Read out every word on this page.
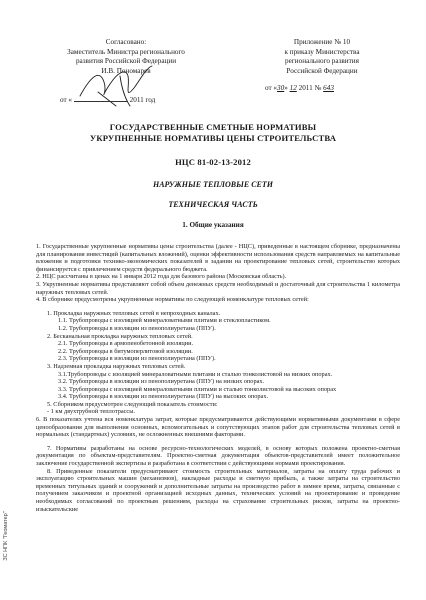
Согласовано:
Заместитель Министра регионального
развития Российской Федерации
И.В. Пономарев
от «	2011 год
Приложение № 10
к приказу Министерства
регионального развития
Российской Федерации
от «30» 12 2011 № 643
ГОСУДАРСТВЕННЫЕ СМЕТНЫЕ НОРМАТИВЫ
УКРУПНЕННЫЕ НОРМАТИВЫ ЦЕНЫ СТРОИТЕЛЬСТВА
НЦС 81-02-13-2012
НАРУЖНЫЕ ТЕПЛОВЫЕ СЕТИ
ТЕХНИЧЕСКАЯ ЧАСТЬ
1. Общие указания

1. Государственные укрупненные нормативы цены строительства (далее - НЦС), приведенные в настоящем сборнике, предназначены для планирования инвестиций (капитальных вложений), оценки эффективности использования средств направляемых на капитальные вложения и подготовки технико-экономических показателей в задании на проектирование тепловых сетей, строительство которых финансируется с привлечением средств федерального бюджета.

2. НЦС рассчитаны в ценах на 1 января 2012 года для базового района (Московская область).

3. Укрупненные нормативы представляют собой объем денежных средств необходимый и достаточный для строительства 1 километра наружных тепловых сетей.

4. В сборнике предусмотрены укрупненные нормативы по следующей номенклатуре тепловых сетей:

1. Прокладка наружных тепловых сетей в непроходных каналах.

1.1. Трубопроводы с изоляцией минераловатными плитами и стеклопластиком.

1.2. Трубопроводы в изоляции из пенополиуретана (ППУ).

2. Бесканальная прокладка наружных тепловых сетей.

2.1. Трубопроводы в армопенобетонной изоляции.

2.2. Трубопроводы в битумоперлитовой изоляции.

2.3. Трубопроводы в изоляции из пенополиуретана (ППУ).

3. Надземная прокладка наружных тепловых сетей.

3.1.Трубопроводы с изоляцией минераловатными плитами и сталью тонколистовой на низких опорах.

3.2. Трубопроводы в изоляции из пенополиуретана (ППУ) на низких опорах.

3.3. Трубопроводы с изоляцией минераловатными плитами и сталью тонколистовой на высоких опорах

3.4. Трубопроводы в изоляции из пенополиуретана (ППУ) на высоких опорах.

5. Сборником предусмотрен следующий показатель стоимости:

- 1 км двухтрубной теплотрассы.

6. В показателях учтена вся номенклатура затрат, которые предусматриваются действующими нормативными документами в сфере ценообразования для выполнения основных, вспомогательных и сопутствующих этапов работ для строительства тепловых сетей в нормальных (стандартных) условиях, не осложненных внешними факторами.

7. Нормативы разработаны на основе ресурсно-технологических моделей, в основу которых положена проектно-сметная документация по объектам-представителям. Проектно-сметная документация объектов-представителей имеет положительное заключение государственной экспертизы и разработана в соответствии с действующими нормами проектирования.

8. Приведенные показатели предусматривают стоимость строительных материалов, затраты на оплату труда рабочих и эксплуатацию строительных машин (механизмов), накладные расходы и сметную прибыль, а также затраты на строительство временных титульных зданий и сооружений и дополнительные затраты на производство работ в зимнее время, затраты, связанные с получением заказчиком и проектной организацией исходных данных, технических условий на проектирование и проведение необходимых согласований по проектным решениям, расходы на страхование строительных рисков, затраты на проектно-изыскательские

ЗС НПК "Геоматер"
